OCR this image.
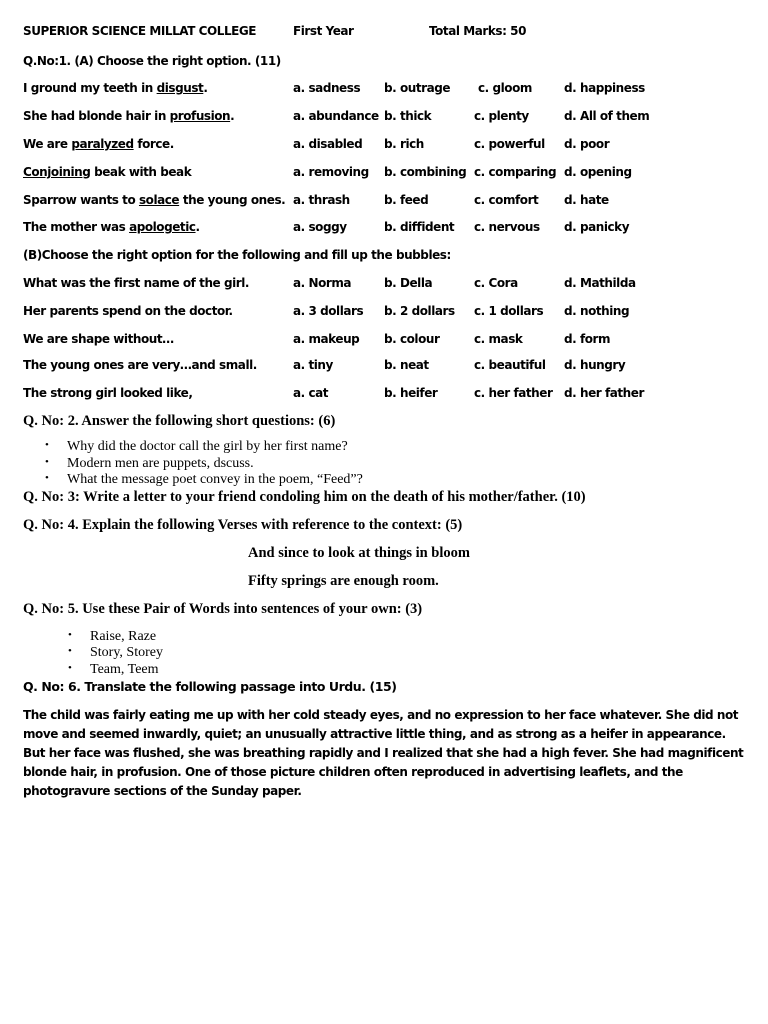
SUPERIOR SCIENCE MILLAT COLLEGE	First Year	Total Marks: 50
Q.No:1. (A) Choose the right option. (11)
I ground my teeth in disgust.	a. sadness b. outrage c. gloom	d. happiness
She had blonde hair in profusion.	a. abundance b. thick	c. plenty	d. All of them
We are paralyzed force.	a. disabled b. rich	c. powerful d. poor
Conjoining beak with beak	a. removing b. combining c. comparing d. opening
Sparrow wants to solace the young ones. a. thrash	b. feed	c. comfort d. hate
The mother was apologetic.	a. soggy	b. diffident c. nervous d. panicky
(B)Choose the right option for the following and fill up the bubbles:
What was the first name of the girl.	a. Norma	b. Della	c. Cora	d. Mathilda
Her parents spend on the doctor.	a. 3 dollars b. 2 dollars c. 1 dollars d. nothing
We are shape without…	a. makeup b. colour	c. mask	d. form
The young ones are very…and small.	a. tiny	b. neat	c. beautiful d. hungry
The strong girl looked like,	a. cat	b. heifer	c. her father d. her father
Q. No: 2. Answer the following short questions: (6)
• Why did the doctor call the girl by her first name?
• Modern men are puppets, dscuss.
• What the message poet convey in the poem, “Feed”?
Q. No: 3: Write a letter to your friend condoling him on the death of his mother/father. (10)
Q. No: 4. Explain the following Verses with reference to the context: (5)
And since to look at things in bloom
Fifty springs are enough room.
Q. No: 5. Use these Pair of Words into sentences of your own: (3)
• Raise, Raze
• Story, Storey
• Team, Teem
Q. No: 6. Translate the following passage into Urdu. (15)
The child was fairly eating me up with her cold steady eyes, and no expression to her face whatever. She did not move and seemed inwardly, quiet; an unusually attractive little thing, and as strong as a heifer in appearance. But her face was flushed, she was breathing rapidly and I realized that she had a high fever. She had magnificent blonde hair, in profusion. One of those picture children often reproduced in advertising leaflets, and the photogravure sections of the Sunday paper.
